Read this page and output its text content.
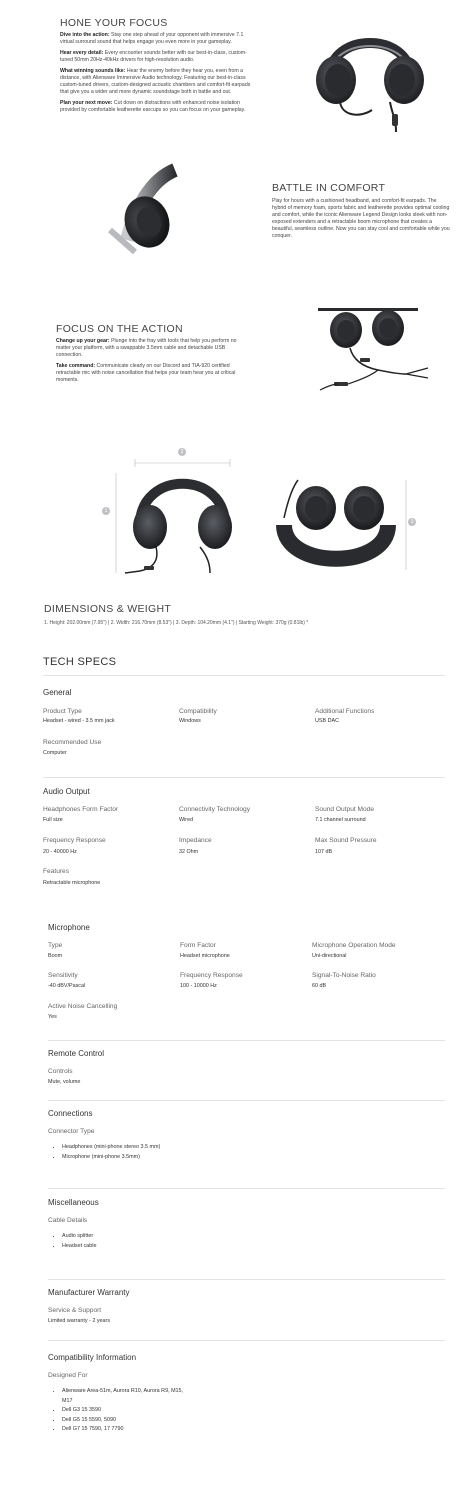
HONE YOUR FOCUS

Dive into the action: Stay one step ahead of your opponent with immersive 7.1 virtual surround sound that helps engage you even more in your gameplay.

Hear every detail: Every encounter sounds better with our best-in-class, custom-tuned 50mm 20Hz-40kHz drivers for high-resolution audio.

What winning sounds like: Hear the enemy before they hear you, even from a distance, with Alienware Immersive Audio technology. Featuring our best-in-class custom-tuned drivers, custom-designed acoustic chambers and comfort-fit earpads that give you a wider and more dynamic soundstage both in battle and out.

Plan your next move: Cut down on distractions with enhanced noise isolation provided by comfortable leatherette earcups so you can focus on your gameplay.

BATTLE IN COMFORT

Play for hours with a cushioned headband, and comfort-fit earpads. The hybrid of memory foam, sports fabric and leatherette provides optimal cooling and comfort, while the iconic Alienware Legend Design looks sleek with non-exposed extenders and a retractable boom microphone that creates a beautiful, seamless outline. Now you can stay cool and comfortable while you conquer.

FOCUS ON THE ACTION

Change up your gear: Plunge into the fray with tools that help you perform no matter your platform, with a swappable 3.5mm cable and detachable USB connection.

Take command: Communicate clearly on our Discord and TIA-920 certified retractable mic with noise cancellation that helps your team hear you at critical moments.

1
2
3
DIMENSIONS & WEIGHT
1. Height: 202.00mm (7.95") | 2. Width: 216.70mm (8.53") | 3. Depth: 104.20mm (4.1") | Starting Weight: 370g (0.81lb) *
TECH SPECS
General
Product Type
Headset - wired - 3.5 mm jack
Compatibility
Windows
Additional Functions
USB DAC
Recommended Use
Computer
Audio Output
Headphones Form Factor
Full size
Connectivity Technology
Wired
Sound Output Mode
7.1 channel surround
Frequency Response
20 - 40000 Hz
Impedance
32 Ohm
Max Sound Pressure
107 dB
Features
Retractable microphone
Microphone
Type
Boom
Form Factor
Headset microphone
Microphone Operation Mode
Uni-directional
Sensitivity
-40 dBV/Pascal
Frequency Response
100 - 10000 Hz
Signal-To-Noise Ratio
60 dB
Active Noise Cancelling
Yes
Remote Control
Controls
Mute, volume
Connections
Connector Type
• Headphones (mini-phone stereo 3.5 mm)
• Microphone (mini-phone 3.5mm)
Miscellaneous
Cable Details
• Audio splitter
• Headset cable
Manufacturer Warranty
Service & Support
Limited warranty - 2 years
Compatibility Information
Designed For
• Alienware Area-51m, Aurora R10, Aurora R9, M15, M17
• Dell G3 15 3590
• Dell G5 15 5590, 5090
• Dell G7 15 7590, 17 7790
